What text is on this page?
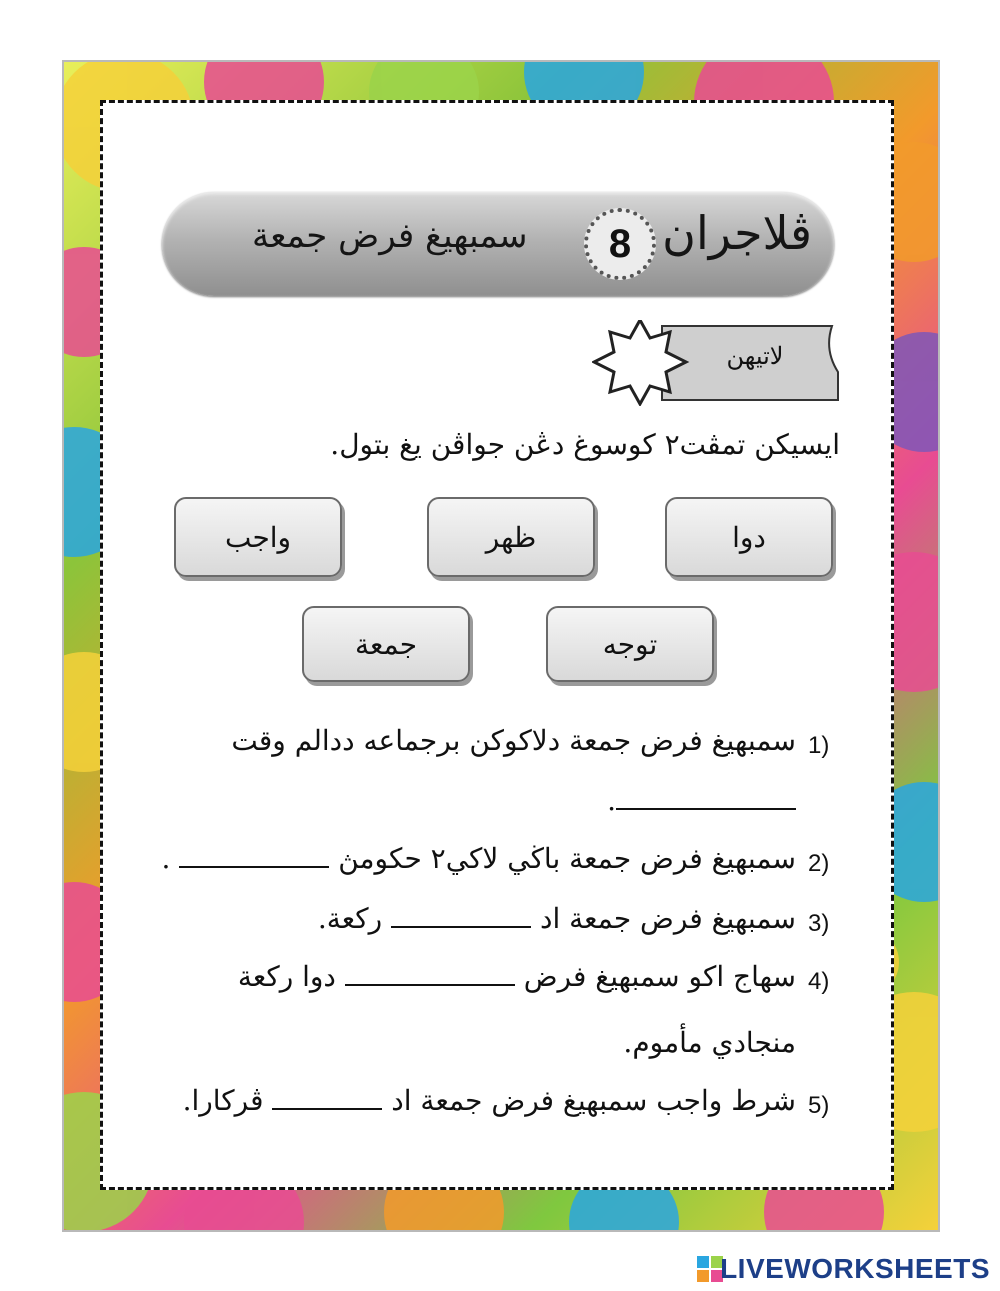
ڤلاجران
8
سمبهيغ فرض جمعة
لاتيهن
ايسيكن تمڤت٢ كوسوغ دڠن جواڤن يغ بتول.
دوا
ظهر
واجب
توجه
جمعة
1)
سمبهيغ فرض جمعة دلاكوكن برجماعه ددالم وقت
.
2)
سمبهيغ فرض جمعة باڬي لاكي٢ حكومڽ  .
3)
سمبهيغ فرض جمعة اد  ركعة.
4)
سهاج اكو سمبهيغ فرض  دوا ركعة
منجادي مأموم.
5)
شرط واجب سمبهيغ فرض جمعة اد  ڤركارا.
LIVEWORKSHEETS
